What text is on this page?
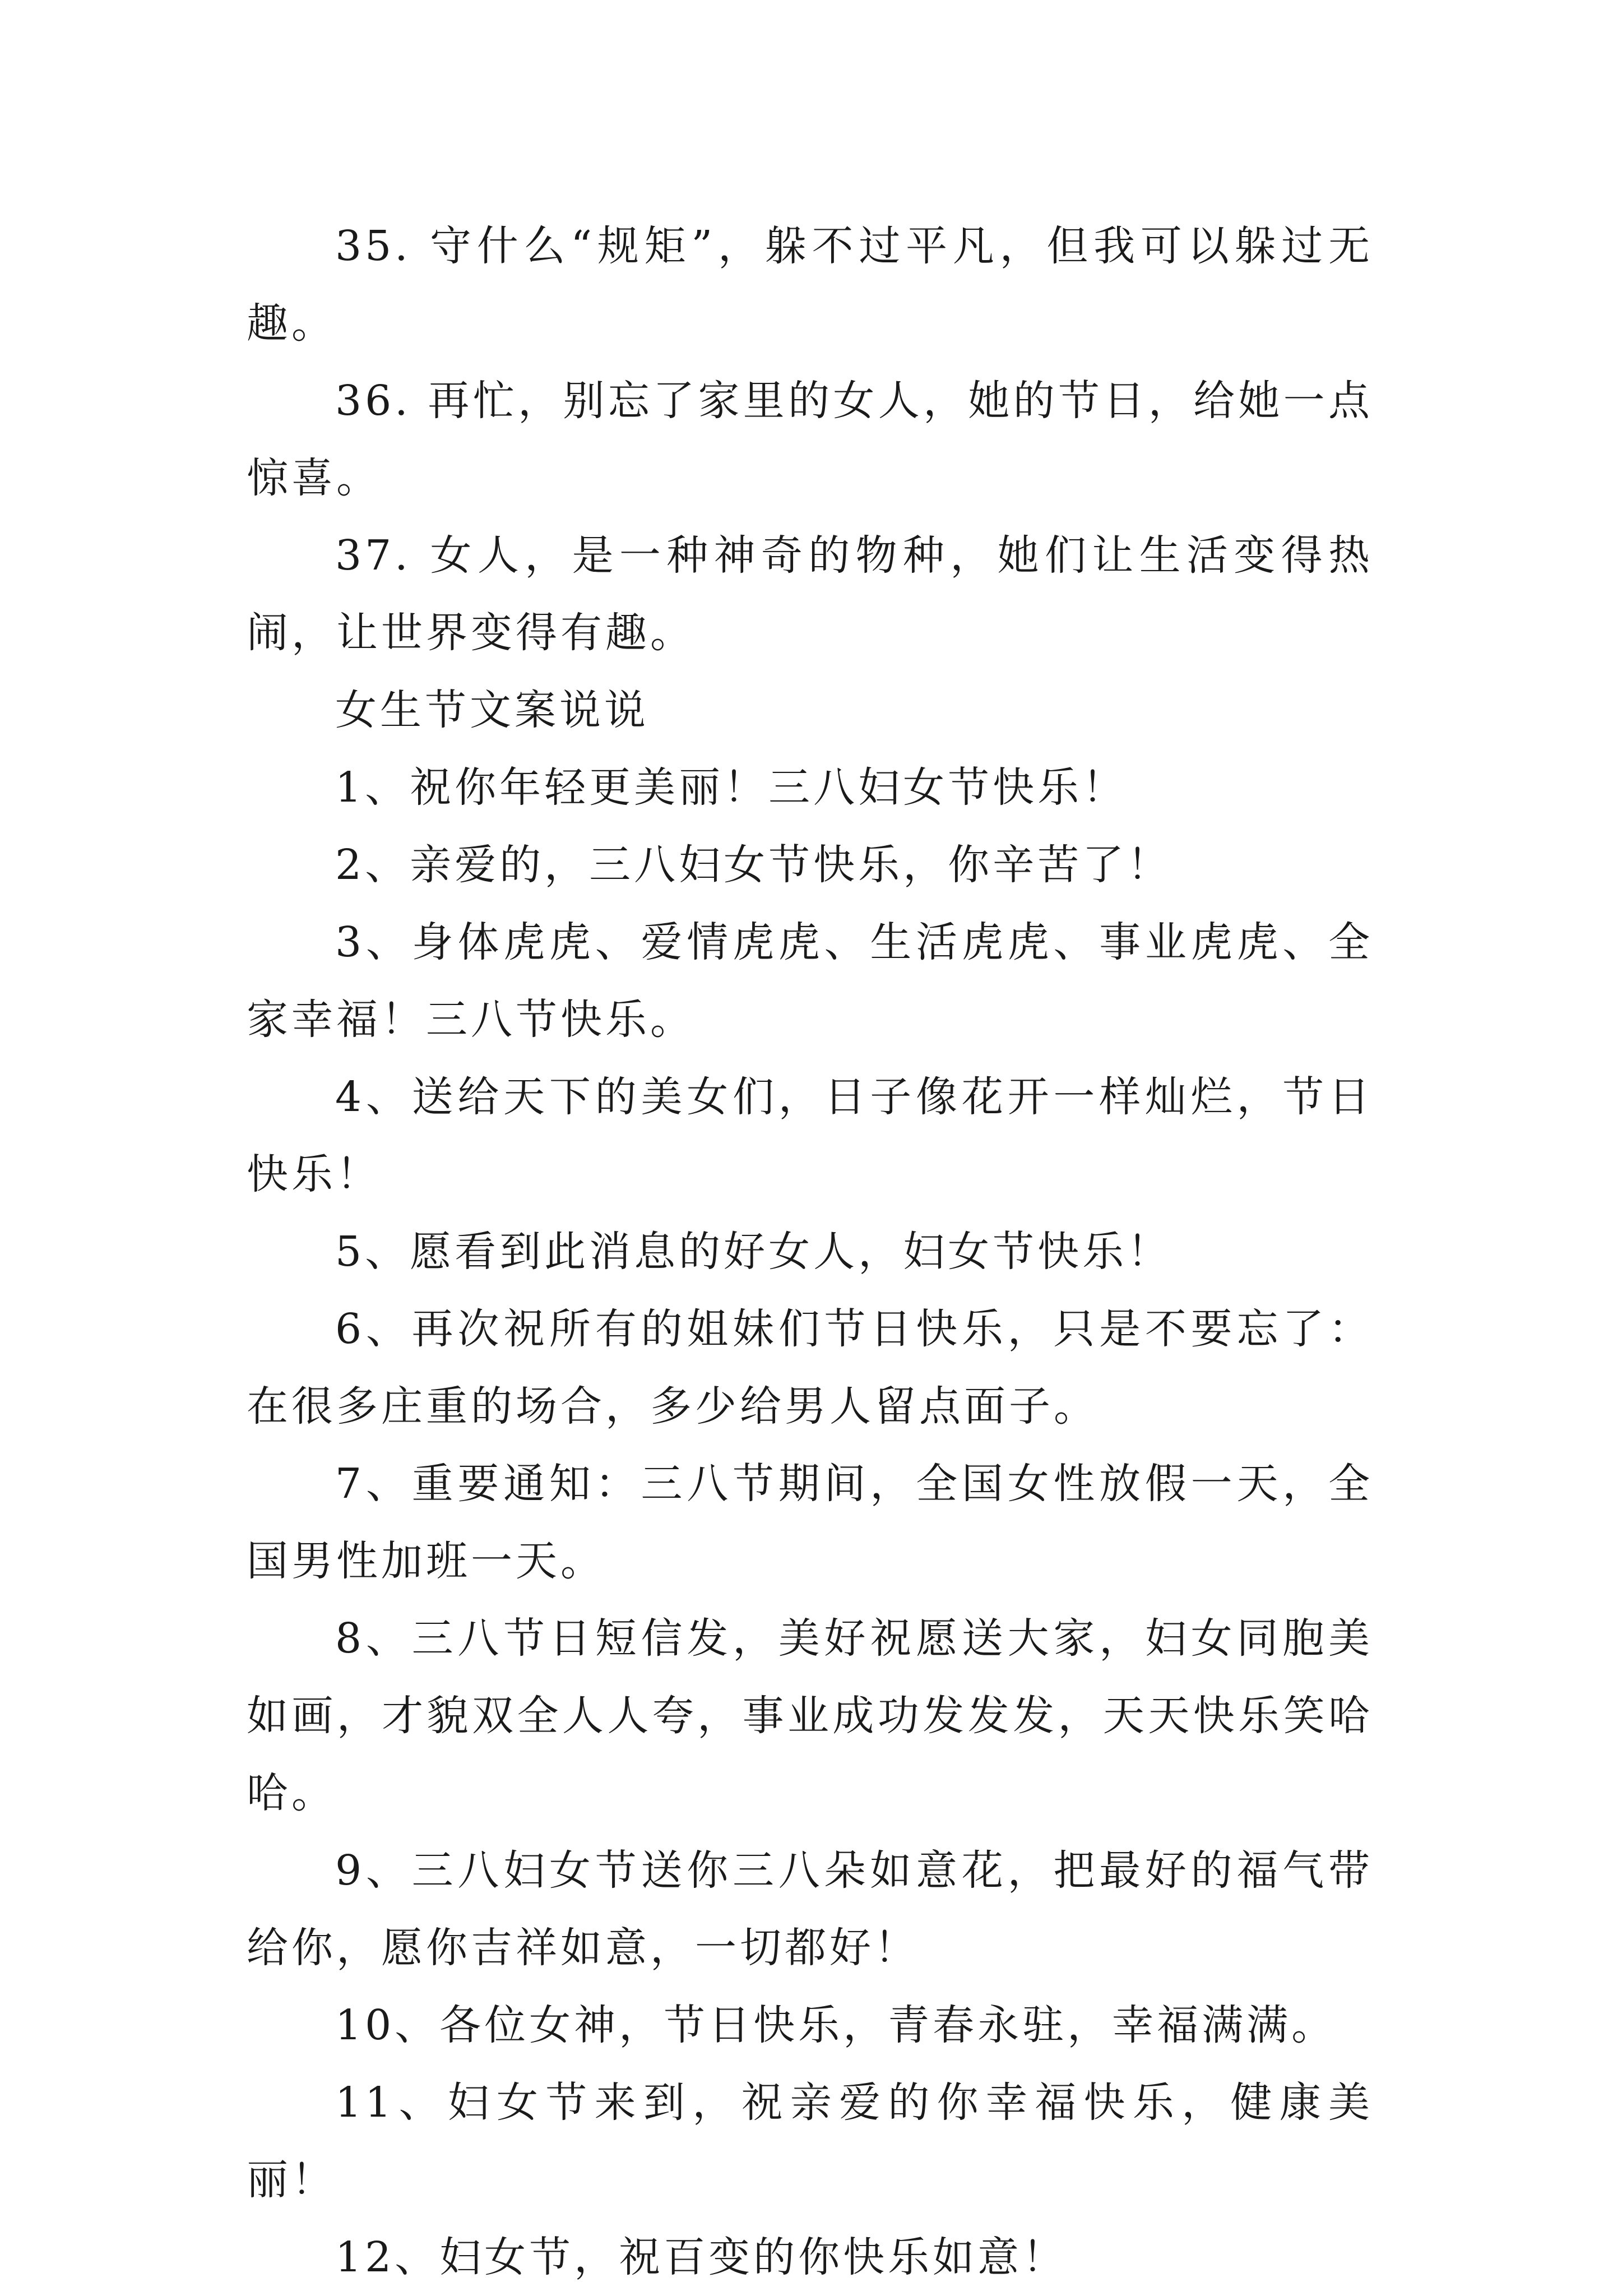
35. 守什么“规矩”，躲不过平凡，但我可以躲过无趣。

36. 再忙，别忘了家里的女人，她的节日，给她一点惊喜。

37. 女人，是一种神奇的物种，她们让生活变得热闹，让世界变得有趣。

女生节文案说说

1、祝你年轻更美丽！三八妇女节快乐！

2、亲爱的，三八妇女节快乐，你辛苦了！

3、身体虎虎、爱情虎虎、生活虎虎、事业虎虎、全家幸福！三八节快乐。

4、送给天下的美女们，日子像花开一样灿烂，节日快乐！

5、愿看到此消息的好女人，妇女节快乐！

6、再次祝所有的姐妹们节日快乐，只是不要忘了：在很多庄重的场合，多少给男人留点面子。

7、重要通知：三八节期间，全国女性放假一天，全国男性加班一天。

8、三八节日短信发，美好祝愿送大家，妇女同胞美如画，才貌双全人人夸，事业成功发发发，天天快乐笑哈哈。

9、三八妇女节送你三八朵如意花，把最好的福气带给你，愿你吉祥如意，一切都好！

10、各位女神，节日快乐，青春永驻，幸福满满。

11、妇女节来到，祝亲爱的你幸福快乐，健康美丽！

12、妇女节，祝百变的你快乐如意！
